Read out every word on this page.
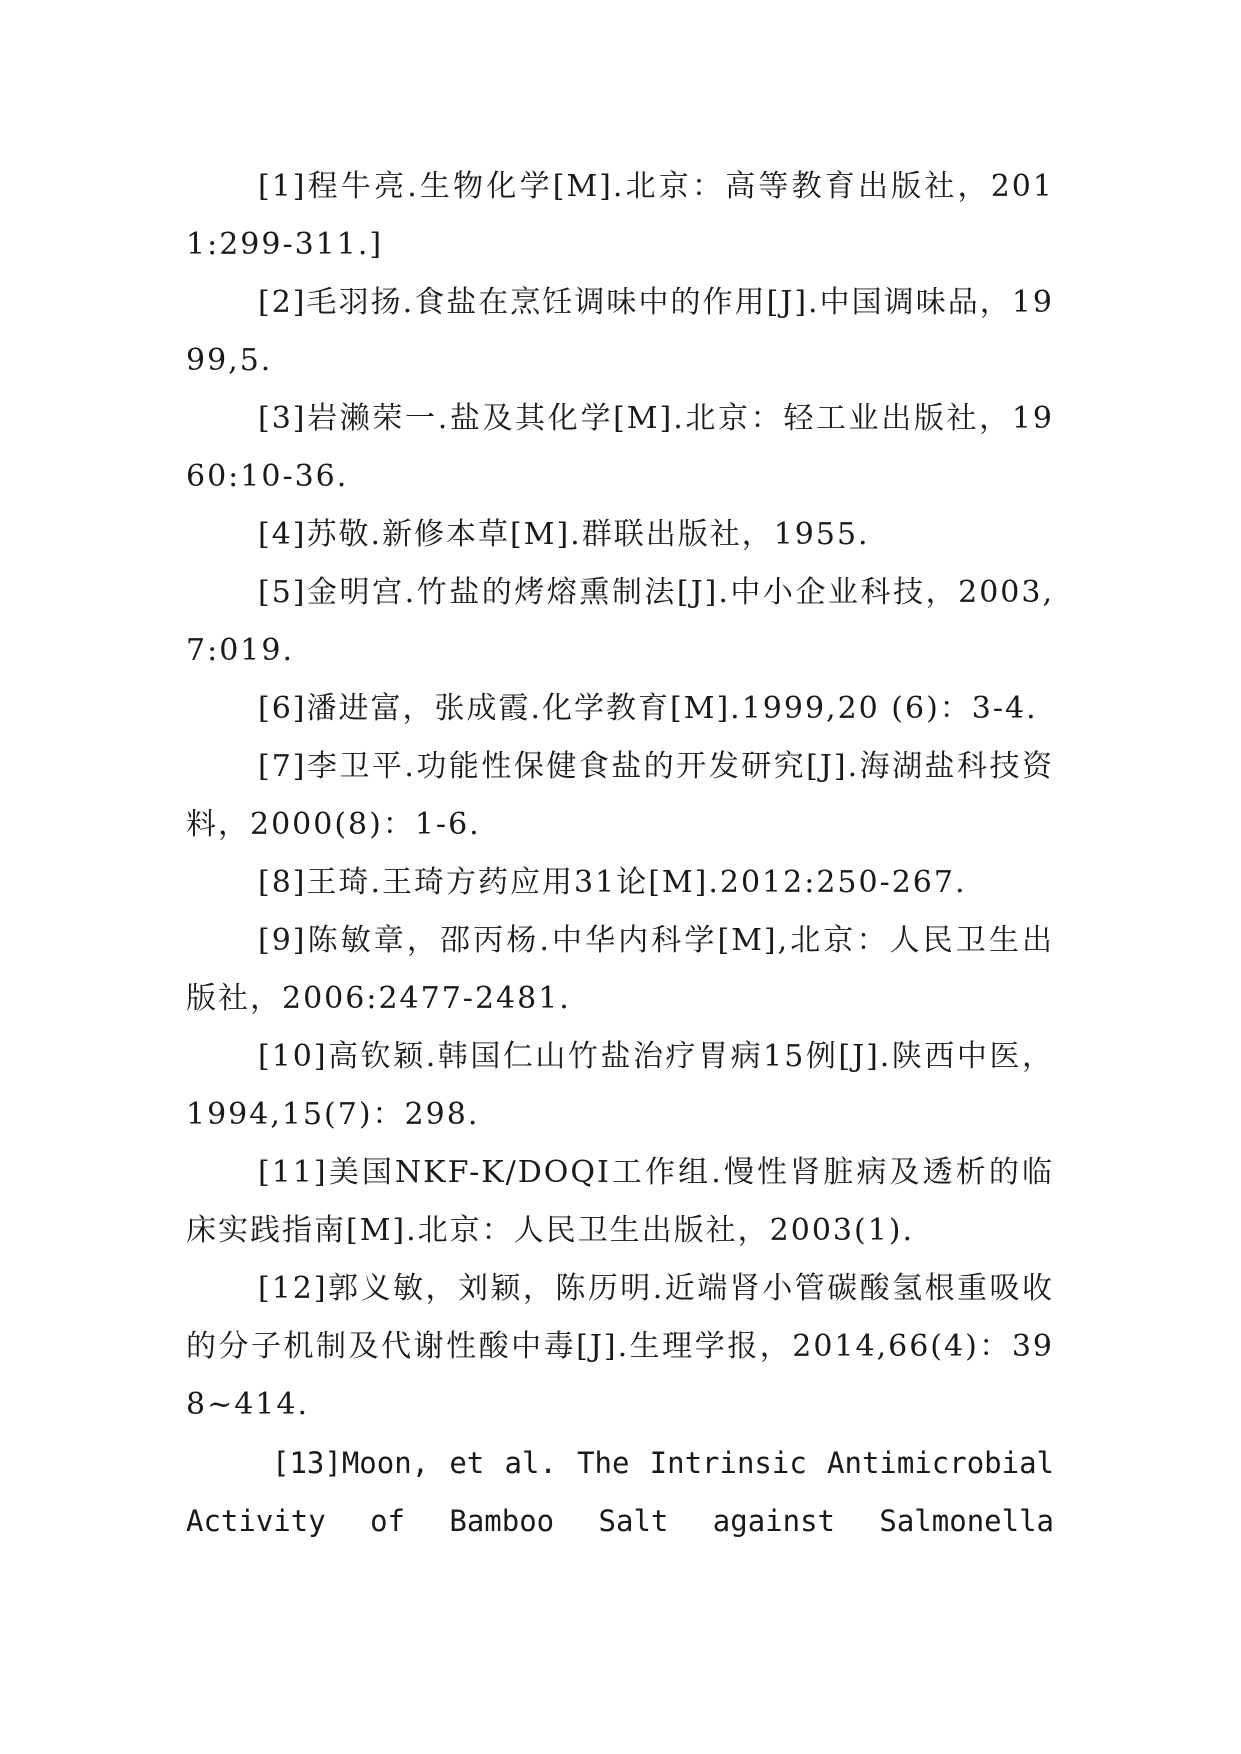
[1]程牛亮.生物化学[M].北京：高等教育出版社，2011:299-311.]

[2]毛羽扬.食盐在烹饪调味中的作用[J].中国调味品，1999,5.

[3]岩濑荣一.盐及其化学[M].北京：轻工业出版社，1960:10-36.

[4]苏敬.新修本草[M].群联出版社，1955.

[5]金明宫.竹盐的烤熔熏制法[J].中小企业科技，2003,7:019.

[6]潘进富，张成霞.化学教育[M].1999,20 (6)：3-4.

[7]李卫平.功能性保健食盐的开发研究[J].海湖盐科技资料，2000(8)：1-6.

[8]王琦.王琦方药应用31论[M].2012:250-267.

[9]陈敏章，邵丙杨.中华内科学[M],北京：人民卫生出版社，2006:2477-2481.

[10]高钦颖.韩国仁山竹盐治疗胃病15例[J].陕西中医，1994,15(7)：298.

[11]美国NKF-K/DOQI工作组.慢性肾脏病及透析的临床实践指南[M].北京：人民卫生出版社，2003(1).

[12]郭义敏，刘颖，陈历明.近端肾小管碳酸氢根重吸收的分子机制及代谢性酸中毒[J].生理学报，2014,66(4)：398~414.

[13]Moon, et al. The Intrinsic Antimicrobial Activity of Bamboo Salt against Salmonella
